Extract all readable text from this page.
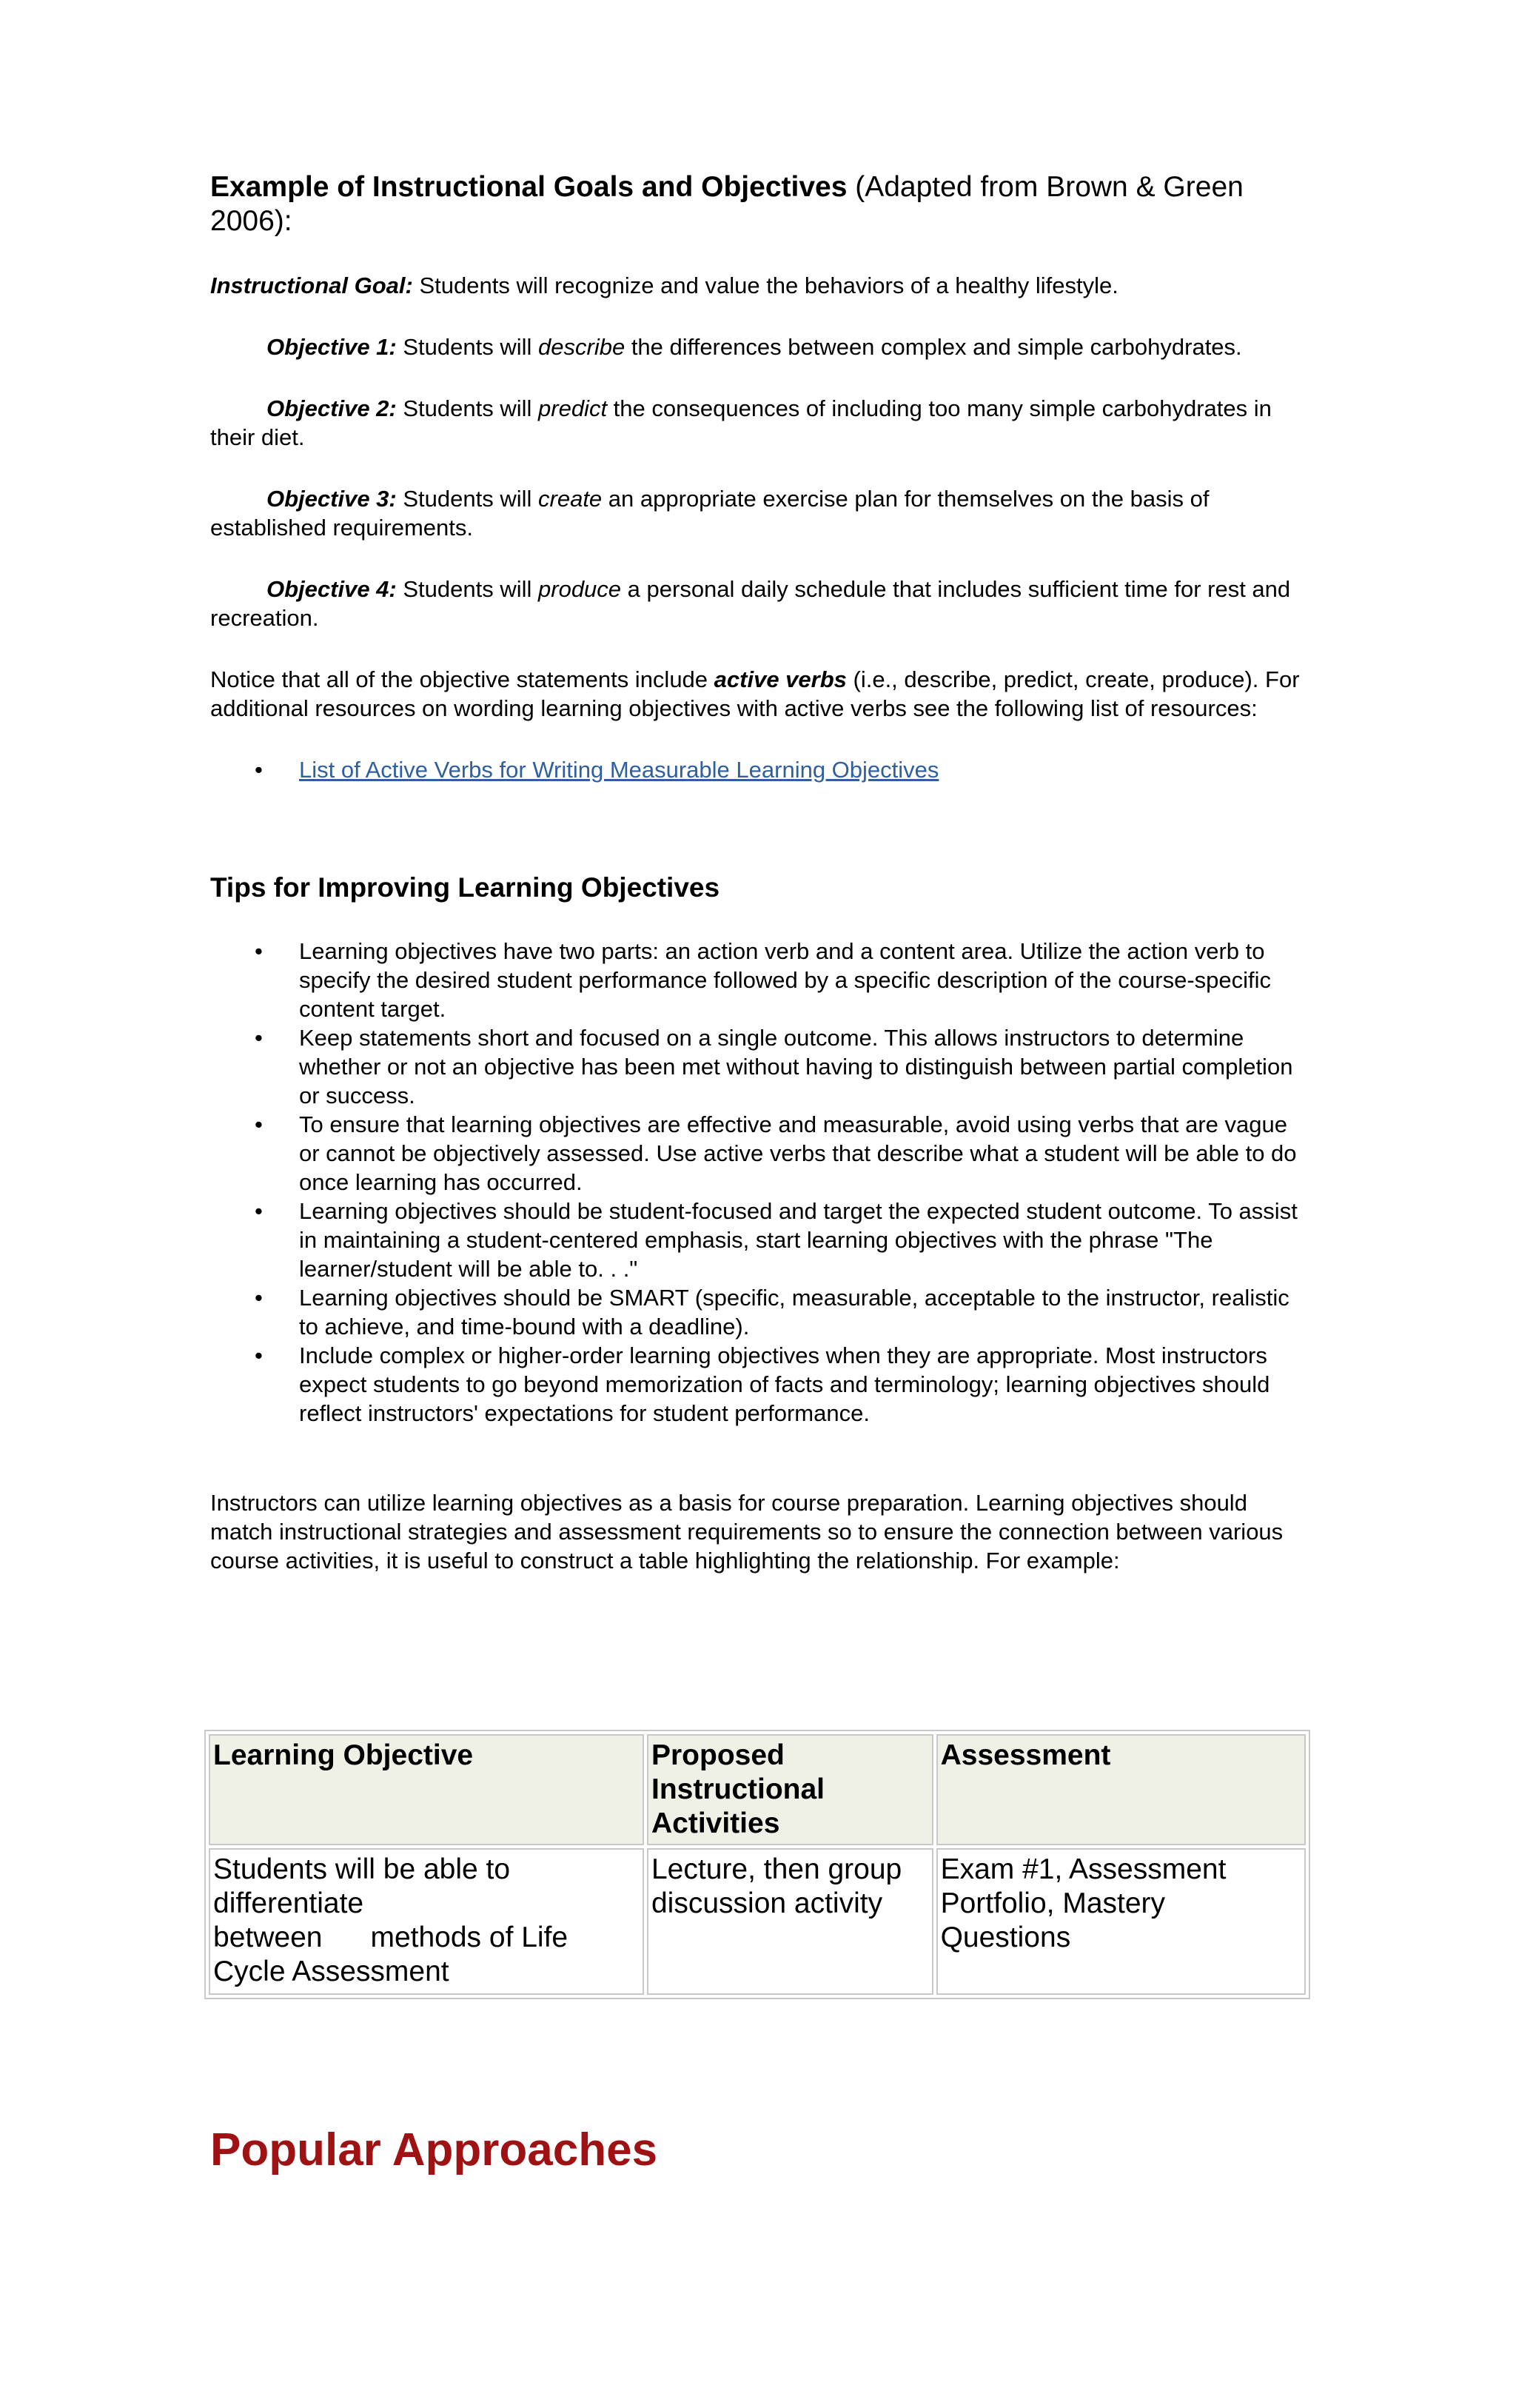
Example of Instructional Goals and Objectives (Adapted from Brown & Green 2006):

Instructional Goal: Students will recognize and value the behaviors of a healthy lifestyle.

Objective 1: Students will describe the differences between complex and simple carbohydrates.

Objective 2: Students will predict the consequences of including too many simple carbohydrates in their diet.

Objective 3: Students will create an appropriate exercise plan for themselves on the basis of established requirements.

Objective 4: Students will produce a personal daily schedule that includes sufficient time for rest and recreation.

Notice that all of the objective statements include active verbs (i.e., describe, predict, create, produce). For additional resources on wording learning objectives with active verbs see the following list of resources:

• List of Active Verbs for Writing Measurable Learning Objectives
Tips for Improving Learning Objectives
• Learning objectives have two parts: an action verb and a content area. Utilize the action verb to specify the desired student performance followed by a specific description of the course-specific content target.
• Keep statements short and focused on a single outcome. This allows instructors to determine whether or not an objective has been met without having to distinguish between partial completion or success.
• To ensure that learning objectives are effective and measurable, avoid using verbs that are vague or cannot be objectively assessed. Use active verbs that describe what a student will be able to do once learning has occurred.
• Learning objectives should be student-focused and target the expected student outcome. To assist in maintaining a student-centered emphasis, start learning objectives with the phrase "The learner/student will be able to. . ."
• Learning objectives should be SMART (specific, measurable, acceptable to the instructor, realistic to achieve, and time-bound with a deadline).
• Include complex or higher-order learning objectives when they are appropriate. Most instructors expect students to go beyond memorization of facts and terminology; learning objectives should reflect instructors' expectations for student performance.

Instructors can utilize learning objectives as a basis for course preparation. Learning objectives should match instructional strategies and assessment requirements so to ensure the connection between various course activities, it is useful to construct a table highlighting the relationship. For example:

Learning Objective	Proposed Instructional Activities	Assessment

Students will be able to differentiate
between      methods of Life Cycle Assessment	Lecture, then group discussion activity	Exam #1, Assessment Portfolio, Mastery Questions
Popular Approaches
